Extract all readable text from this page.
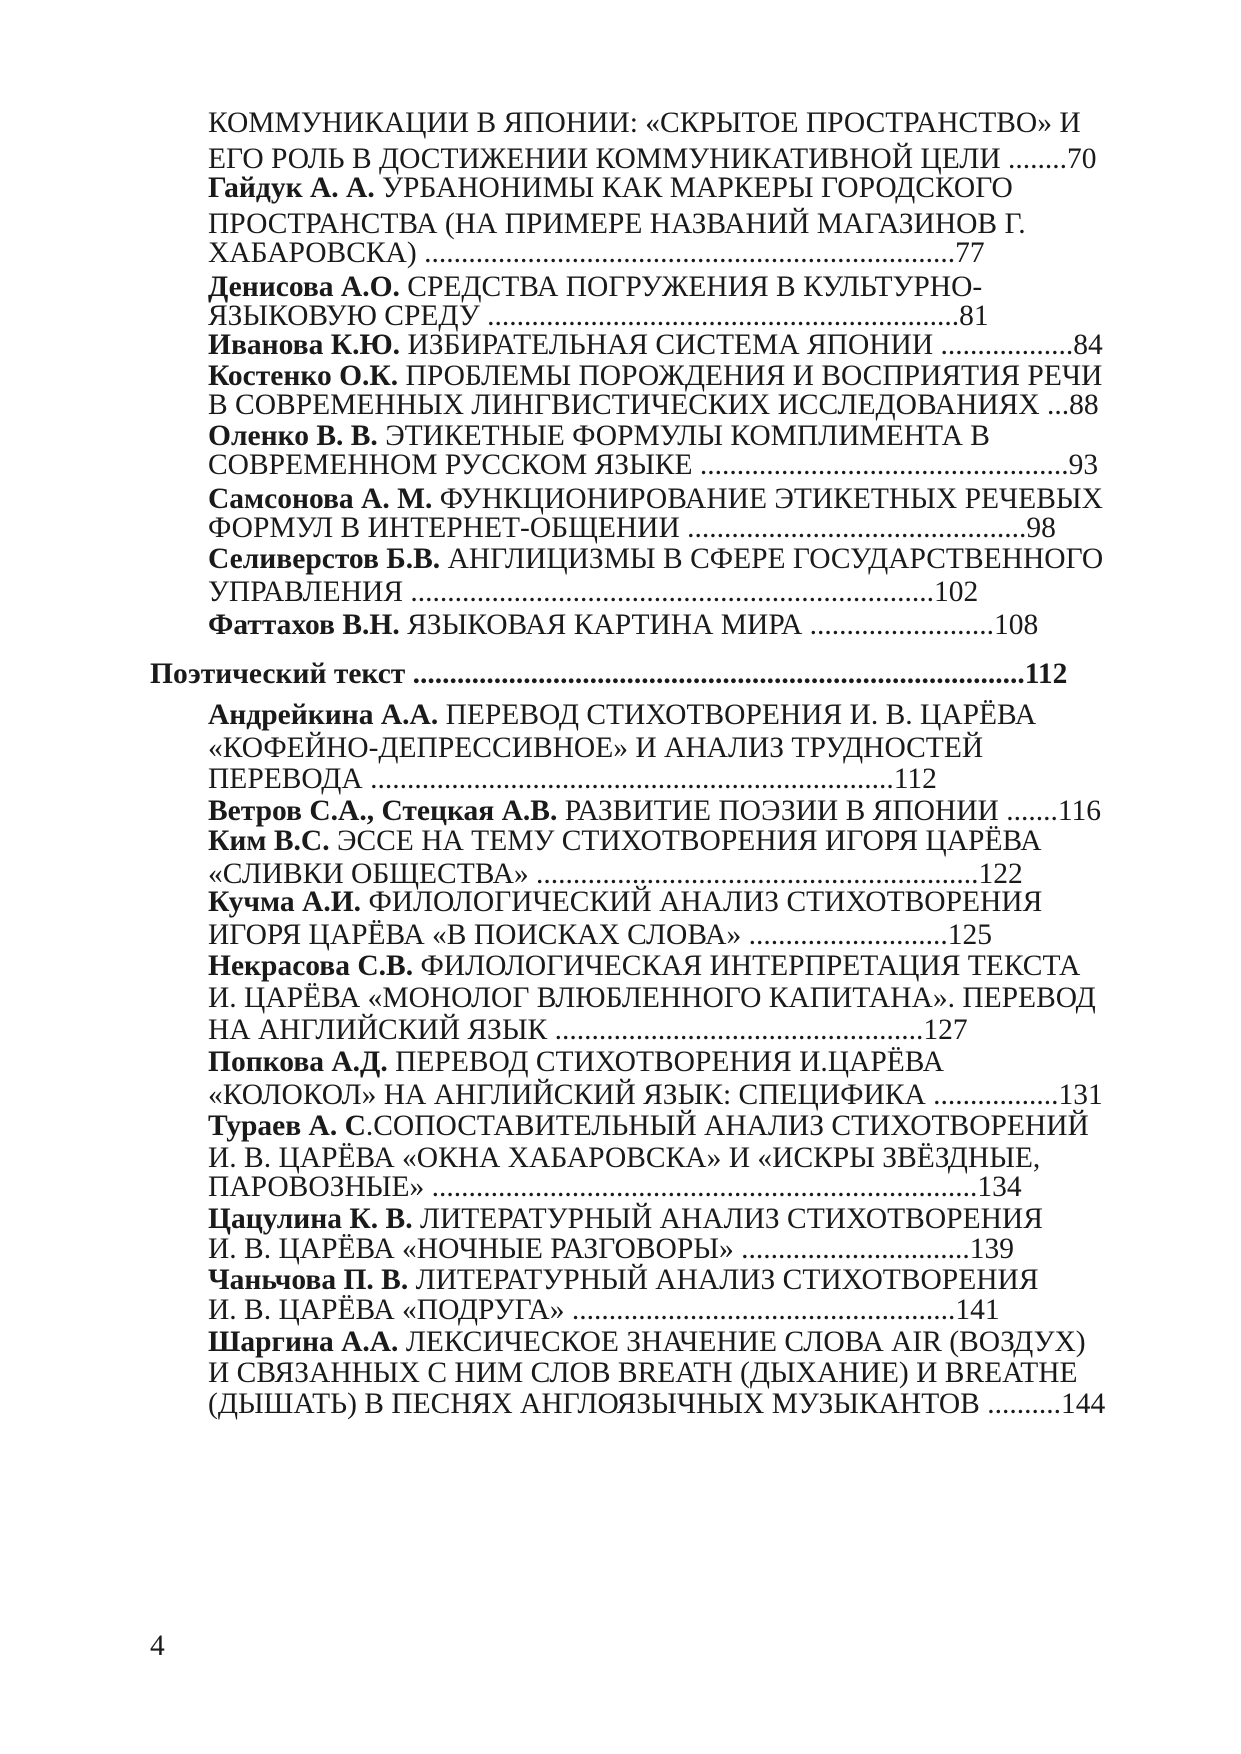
КОММУНИКАЦИИ В ЯПОНИИ: «СКРЫТОЕ ПРОСТРАНСТВО» И
ЕГО РОЛЬ В ДОСТИЖЕНИИ КОММУНИКАТИВНОЙ ЦЕЛИ ........70
Гайдук А. А. УРБАНОНИМЫ КАК МАРКЕРЫ ГОРОДСКОГО
ПРОСТРАНСТВА (НА ПРИМЕРЕ НАЗВАНИЙ МАГАЗИНОВ Г.
ХАБАРОВСКА) ........................................................................77
Денисова А.О. СРЕДСТВА ПОГРУЖЕНИЯ В КУЛЬТУРНО-
ЯЗЫКОВУЮ СРЕДУ ................................................................81
Иванова К.Ю. ИЗБИРАТЕЛЬНАЯ СИСТЕМА ЯПОНИИ ..................84
Костенко О.К. ПРОБЛЕМЫ ПОРОЖДЕНИЯ И ВОСПРИЯТИЯ РЕЧИ
В СОВРЕМЕННЫХ ЛИНГВИСТИЧЕСКИХ ИССЛЕДОВАНИЯХ ...88
Оленко В. В. ЭТИКЕТНЫЕ ФОРМУЛЫ КОМПЛИМЕНТА В
СОВРЕМЕННОМ РУССКОМ ЯЗЫКЕ ..................................................93
Самсонова А. М. ФУНКЦИОНИРОВАНИЕ ЭТИКЕТНЫХ РЕЧЕВЫХ
ФОРМУЛ В ИНТЕРНЕТ-ОБЩЕНИИ ..............................................98
Селиверстов Б.В. АНГЛИЦИЗМЫ В СФЕРЕ ГОСУДАРСТВЕННОГО
УПРАВЛЕНИЯ .......................................................................102
Фаттахов В.Н. ЯЗЫКОВАЯ КАРТИНА МИРА .........................108
Поэтический текст ...................................................................................112
Андрейкина А.А. ПЕРЕВОД СТИХОТВОРЕНИЯ И. В. ЦАРЁВА
«КОФЕЙНО-ДЕПРЕССИВНОЕ» И АНАЛИЗ ТРУДНОСТЕЙ
ПЕРЕВОДА .......................................................................112
Ветров С.А., Стецкая А.В. РАЗВИТИЕ ПОЭЗИИ В ЯПОНИИ .......116
Ким В.С. ЭССЕ НА ТЕМУ СТИХОТВОРЕНИЯ ИГОРЯ ЦАРЁВА
«СЛИВКИ ОБЩЕСТВА» ............................................................122
Кучма А.И. ФИЛОЛОГИЧЕСКИЙ АНАЛИЗ СТИХОТВОРЕНИЯ
ИГОРЯ ЦАРЁВА «В ПОИСКАХ СЛОВА» ...........................125
Некрасова С.В. ФИЛОЛОГИЧЕСКАЯ ИНТЕРПРЕТАЦИЯ ТЕКСТА
И. ЦАРЁВА «МОНОЛОГ ВЛЮБЛЕННОГО КАПИТАНА». ПЕРЕВОД
НА АНГЛИЙСКИЙ ЯЗЫК ..................................................127
Попкова А.Д. ПЕРЕВОД СТИХОТВОРЕНИЯ И.ЦАРЁВА
«КОЛОКОЛ» НА АНГЛИЙСКИЙ ЯЗЫК: СПЕЦИФИКА .................131
Тураев А. С.СОПОСТАВИТЕЛЬНЫЙ АНАЛИЗ СТИХОТВОРЕНИЙ
И. В. ЦАРЁВА «ОКНА ХАБАРОВСКА» И «ИСКРЫ ЗВЁЗДНЫЕ,
ПАРОВОЗНЫЕ» ..........................................................................134
Цацулина К. В. ЛИТЕРАТУРНЫЙ АНАЛИЗ СТИХОТВОРЕНИЯ
И. В. ЦАРЁВА «НОЧНЫЕ РАЗГОВОРЫ» ...............................139
Чаньчова П. В. ЛИТЕРАТУРНЫЙ АНАЛИЗ СТИХОТВОРЕНИЯ
И. В. ЦАРЁВА «ПОДРУГА» ....................................................141
Шаргина А.А. ЛЕКСИЧЕСКОЕ ЗНАЧЕНИЕ СЛОВА AIR (ВОЗДУХ)
И СВЯЗАННЫХ С НИМ СЛОВ BREATH (ДЫХАНИЕ) И BREATHE
(ДЫШАТЬ) В ПЕСНЯХ АНГЛОЯЗЫЧНЫХ МУЗЫКАНТОВ ..........144
4
